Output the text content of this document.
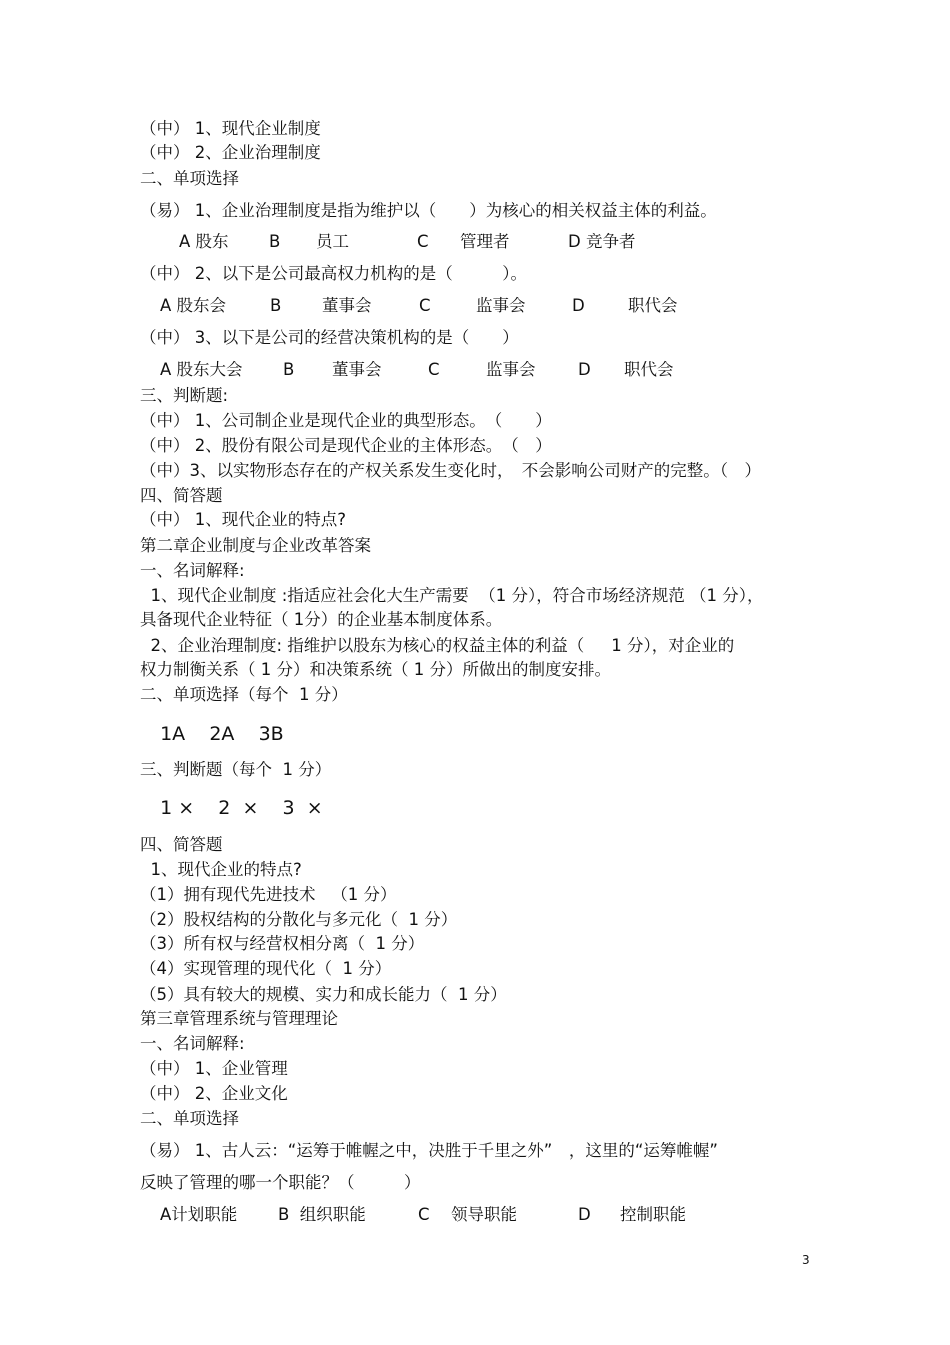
（中） 1、现代企业制度
（中） 2、企业治理制度
二、单项选择
（易） 1、企业治理制度是指为维护以（　　）为核心的相关权益主体的利益。
A 股东 B 员工	C 管理者	D 竞争者
（中） 2、以下是公司最高权力机构的是（　　　）。
A 股东会	B 董事会	C	监事会	D	职代会
（中） 3、以下是公司的经营决策机构的是（　　）
A 股东大会 B 董事会	C	监事会	D 职代会
三、判断题:
（中） 1、公司制企业是现代企业的典型形态。　（　　）
（中） 2、股份有限公司是现代企业的主体形态。　（　）
（中）3、以实物形态存在的产权关系发生变化时，　不会影响公司财产的完整。（　）
四、简答题
（中） 1、现代企业的特点?
第二章企业制度与企业改革答案
一、名词解释:
1、现代企业制度 :指适应社会化大生产需要  （1 分），符合市场经济规范 （1 分），
具备现代企业特征（ 1分）的企业基本制度体系。
2、企业治理制度: 指维护以股东为核心的权益主体的利益（　  1 分），对企业的
权力制衡关系（ 1 分）和决策系统（ 1 分）所做出的制度安排。
二、单项选择（每个  1 分）
1A    2A    3B
三、判断题（每个  1 分）
1 ×    2  ×    3  ×
四、简答题
1、现代企业的特点?
（1）拥有现代先进技术   （1 分）
（2）股权结构的分散化与多元化（  1 分）
（3）所有权与经营权相分离（  1 分）
（4）实现管理的现代化（  1 分）
（5）具有较大的规模、实力和成长能力（  1 分）
第三章管理系统与管理理论
一、名词解释:
（中） 1、企业管理
（中） 2、企业文化
二、单项选择
（易） 1、古人云：“运筹于帷幄之中，决胜于千里之外”　，这里的“运筹帷幄”
反映了管理的哪一个职能？（　　　）
A计划职能 B  组织职能	C 领导职能	D 控制职能
3
